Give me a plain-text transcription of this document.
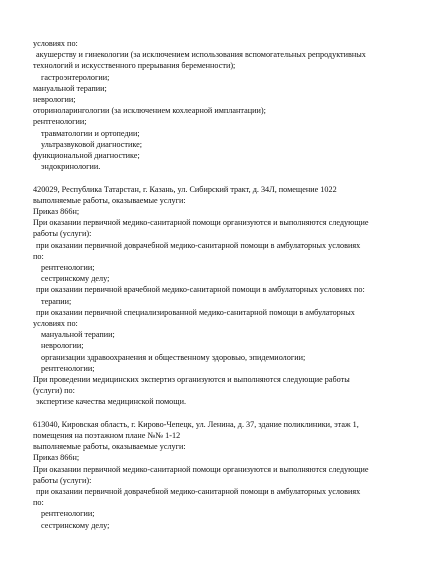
условиях по:
акушерству и гинекологии (за исключением использования вспомогательных репродуктивных
технологий и искусственного прерывания беременности);
гастроэнтерологии;
мануальной терапии;
неврологии;
оториноларингологии (за исключением кохлеарной имплантации);
рентгенологии;
травматологии и ортопедии;
ультразвуковой диагностике;
функциональной диагностике;
эндокринологии.
420029, Республика Татарстан, г. Казань, ул. Сибирский тракт, д. 34Л, помещение 1022
выполняемые работы, оказываемые услуги:
Приказ 866н;
При оказании первичной медико-санитарной помощи организуются и выполняются следующие
работы (услуги):
при оказании первичной доврачебной медико-санитарной помощи в амбулаторных условиях
по:
рентгенологии;
сестринскому делу;
при оказании первичной врачебной медико-санитарной помощи в амбулаторных условиях по:
терапии;
при оказании первичной специализированной медико-санитарной помощи в амбулаторных
условиях по:
мануальной терапии;
неврологии;
организации здравоохранения и общественному здоровью, эпидемиологии;
рентгенологии;
При проведении медицинских экспертиз организуются и выполняются следующие работы
(услуги) по:
экспертизе качества медицинской помощи.
613040, Кировская область, г. Кирово-Чепецк, ул. Ленина, д. 37, здание поликлиники, этаж 1,
помещения на поэтажном плане №№ 1-12
выполняемые работы, оказываемые услуги:
Приказ 866н;
При оказании первичной медико-санитарной помощи организуются и выполняются следующие
работы (услуги):
при оказании первичной доврачебной медико-санитарной помощи в амбулаторных условиях
по:
рентгенологии;
сестринскому делу;
